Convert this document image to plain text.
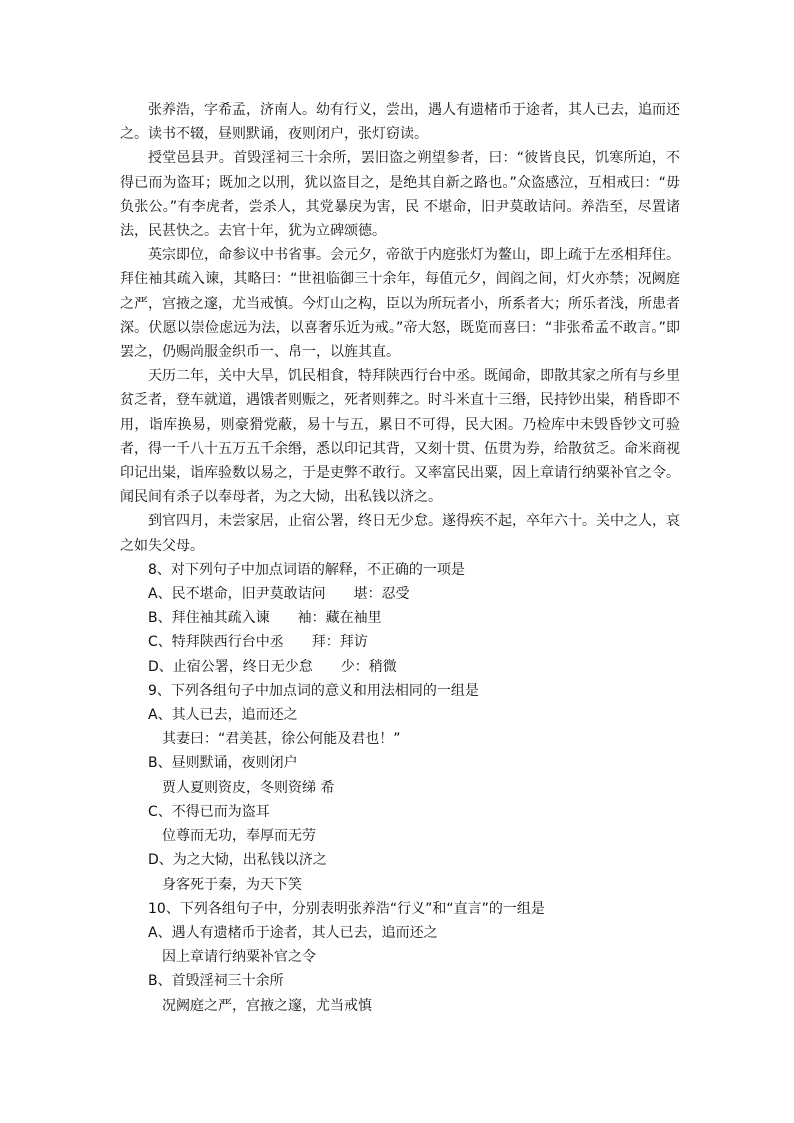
张养浩，字希孟，济南人。幼有行义，尝出，遇人有遗楮币于途者，其人已去，追而还之。读书不辍，昼则默诵，夜则闭户，张灯窃读。

授堂邑县尹。首毁淫祠三十余所，罢旧盗之朔望参者，曰：“彼皆良民，饥寒所迫，不得已而为盗耳；既加之以刑，犹以盗目之，是绝其自新之路也。”众盗感泣，互相戒曰：“毋负张公。”有李虎者，尝杀人，其党暴戾为害，民 不堪命，旧尹莫敢诘问。养浩至，尽置诸法，民甚快之。去官十年，犹为立碑颂德。

英宗即位，命参议中书省事。会元夕，帝欲于内庭张灯为鳌山，即上疏于左丞相拜住。拜住袖其疏入谏，其略曰：“世祖临御三十余年，每值元夕，闾阎之间，灯火亦禁；况阙庭之严，宫掖之邃，尤当戒慎。今灯山之构，臣以为所玩者小，所系者大；所乐者浅，所患者深。伏愿以崇俭虑远为法，以喜奢乐近为戒。”帝大怒，既览而喜曰：“非张希孟不敢言。”即罢之，仍赐尚服金织币一、帛一，以旌其直。

天历二年，关中大旱，饥民相食，特拜陕西行台中丞。既闻命，即散其家之所有与乡里贫乏者，登车就道，遇饿者则赈之，死者则葬之。时斗米直十三缗，民持钞出粜，稍昏即不用，诣库换易，则豪猾党蔽，易十与五，累日不可得，民大困。乃检库中未毁昏钞文可验者，得一千八十五万五千余缗，悉以印记其背，又刻十贯、伍贯为券，给散贫乏。命米商视印记出粜，诣库验数以易之，于是吏弊不敢行。又率富民出粟，因上章请行纳粟补官之令。闻民间有杀子以奉母者，为之大恸，出私钱以济之。

到官四月，未尝家居，止宿公署，终日无少怠。遂得疾不起，卒年六十。关中之人，哀之如失父母。

8、对下列句子中加点词语的解释，不正确的一项是

A、民不堪命，旧尹莫敢诘问　　堪：忍受

B、拜住袖其疏入谏　　袖：藏在袖里

C、特拜陕西行台中丞　　拜：拜访

D、止宿公署，终日无少怠　　少：稍微

9、下列各组句子中加点词的意义和用法相同的一组是

A、其人已去，追而还之

其妻曰：“君美甚，徐公何能及君也！”

B、昼则默诵，夜则闭户

贾人夏则资皮，冬则资绨 希

C、不得已而为盗耳

位尊而无功，奉厚而无劳

D、为之大恸，出私钱以济之

身客死于秦，为天下笑

10、下列各组句子中，分别表明张养浩“行义”和“直言”的一组是

A、遇人有遗楮币于途者，其人已去，追而还之

因上章请行纳粟补官之令

B、首毁淫祠三十余所

况阙庭之严，宫掖之邃，尤当戒慎
